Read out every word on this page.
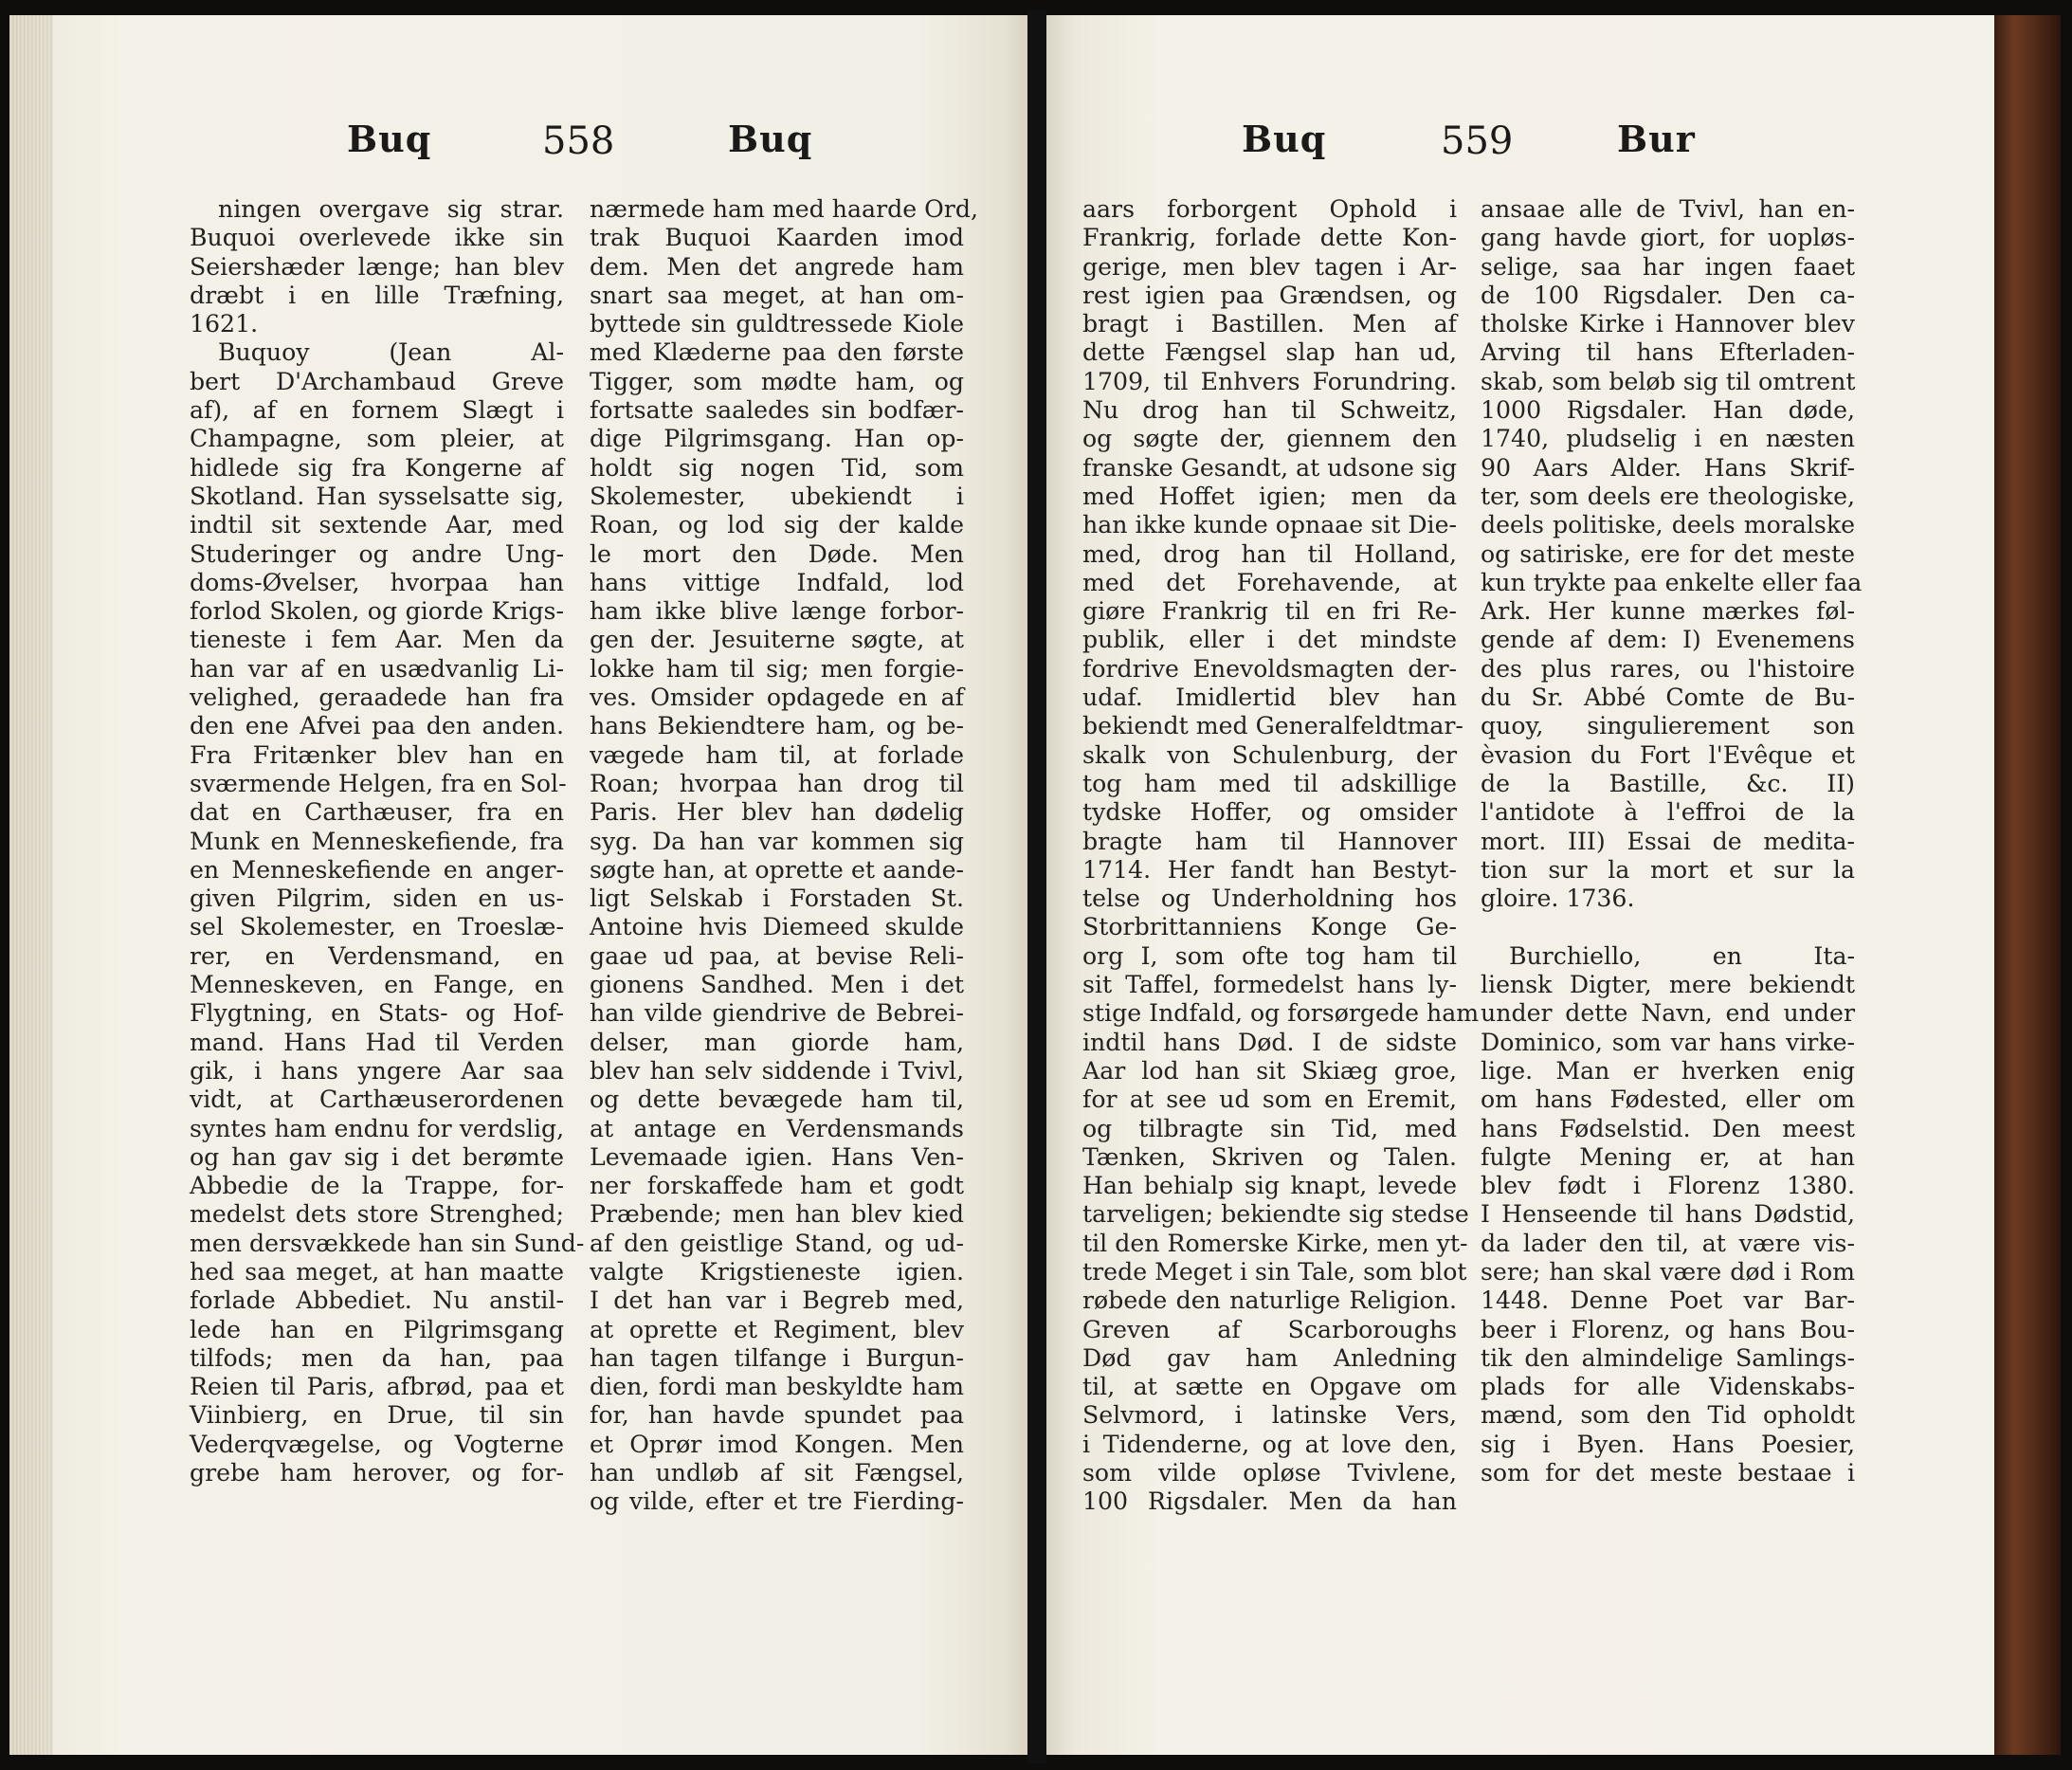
Buq	558	Buq	Buq	559	Bur
ningen overgave sig strar.
Buquoi overlevede ikke sin
Seiershæder længe; han blev
dræbt i en lille Træfning,
1621.
Buquoy (Jean Al-
bert D'Archambaud Greve
af), af en fornem Slægt i
Champagne, som pleier, at
hidlede sig fra Kongerne af
Skotland. Han sysselsatte sig,
indtil sit sextende Aar, med
Studeringer og andre Ung-
doms-Øvelser, hvorpaa han
forlod Skolen, og giorde Krigs-
tieneste i fem Aar. Men da
han var af en usædvanlig Li-
velighed, geraadede han fra
den ene Afvei paa den anden.
Fra Fritænker blev han en
sværmende Helgen, fra en Sol-
dat en Carthæuser, fra en
Munk en Menneskefiende, fra
en Menneskefiende en anger-
given Pilgrim, siden en us-
sel Skolemester, en Troeslæ-
rer, en Verdensmand, en
Menneskeven, en Fange, en
Flygtning, en Stats- og Hof-
mand. Hans Had til Verden
gik, i hans yngere Aar saa
vidt, at Carthæuserordenen
syntes ham endnu for verdslig,
og han gav sig i det berømte
Abbedie de la Trappe, for-
medelst dets store Strenghed;
men dersvækkede han sin Sund-
hed saa meget, at han maatte
forlade Abbediet. Nu anstil-
lede han en Pilgrimsgang
tilfods; men da han, paa
Reien til Paris, afbrød, paa et
Viinbierg, en Drue, til sin
Vederqvægelse, og Vogterne
grebe ham herover, og for-
nærmede ham med haarde Ord,
trak Buquoi Kaarden imod
dem. Men det angrede ham
snart saa meget, at han om-
byttede sin guldtressede Kiole
med Klæderne paa den første
Tigger, som mødte ham, og
fortsatte saaledes sin bodfær-
dige Pilgrimsgang. Han op-
holdt sig nogen Tid, som
Skolemester, ubekiendt i
Roan, og lod sig der kalde
le mort den Døde. Men
hans vittige Indfald, lod
ham ikke blive længe forbor-
gen der. Jesuiterne søgte, at
lokke ham til sig; men forgie-
ves. Omsider opdagede en af
hans Bekiendtere ham, og be-
vægede ham til, at forlade
Roan; hvorpaa han drog til
Paris. Her blev han dødelig
syg. Da han var kommen sig
søgte han, at oprette et aande-
ligt Selskab i Forstaden St.
Antoine hvis Diemeed skulde
gaae ud paa, at bevise Reli-
gionens Sandhed. Men i det
han vilde giendrive de Bebrei-
delser, man giorde ham,
blev han selv siddende i Tvivl,
og dette bevægede ham til,
at antage en Verdensmands
Levemaade igien. Hans Ven-
ner forskaffede ham et godt
Præbende; men han blev kied
af den geistlige Stand, og ud-
valgte Krigstieneste igien.
I det han var i Begreb med,
at oprette et Regiment, blev
han tagen tilfange i Burgun-
dien, fordi man beskyldte ham
for, han havde spundet paa
et Oprør imod Kongen. Men
han undløb af sit Fængsel,
og vilde, efter et tre Fierding-
aars forborgent Ophold i
Frankrig, forlade dette Kon-
gerige, men blev tagen i Ar-
rest igien paa Grændsen, og
bragt i Bastillen. Men af
dette Fængsel slap han ud,
1709, til Enhvers Forundring.
Nu drog han til Schweitz,
og søgte der, giennem den
franske Gesandt, at udsone sig
med Hoffet igien; men da
han ikke kunde opnaae sit Die-
med, drog han til Holland,
med det Forehavende, at
giøre Frankrig til en fri Re-
publik, eller i det mindste
fordrive Enevoldsmagten der-
udaf. Imidlertid blev han
bekiendt med Generalfeldtmar-
skalk von Schulenburg, der
tog ham med til adskillige
tydske Hoffer, og omsider
bragte ham til Hannover
1714. Her fandt han Bestyt-
telse og Underholdning hos
Storbrittanniens Konge Ge-
org I, som ofte tog ham til
sit Taffel, formedelst hans ly-
stige Indfald, og forsørgede ham
indtil hans Død. I de sidste
Aar lod han sit Skiæg groe,
for at see ud som en Eremit,
og tilbragte sin Tid, med
Tænken, Skriven og Talen.
Han behialp sig knapt, levede
tarveligen; bekiendte sig stedse
til den Romerske Kirke, men yt-
trede Meget i sin Tale, som blot
røbede den naturlige Religion.
Greven af Scarboroughs
Død gav ham Anledning
til, at sætte en Opgave om
Selvmord, i latinske Vers,
i Tidenderne, og at love den,
som vilde opløse Tvivlene,
100 Rigsdaler. Men da han
ansaae alle de Tvivl, han en-
gang havde giort, for uopløs-
selige, saa har ingen faaet
de 100 Rigsdaler. Den ca-
tholske Kirke i Hannover blev
Arving til hans Efterladen-
skab, som beløb sig til omtrent
1000 Rigsdaler. Han døde,
1740, pludselig i en næsten
90 Aars Alder. Hans Skrif-
ter, som deels ere theologiske,
deels politiske, deels moralske
og satiriske, ere for det meste
kun trykte paa enkelte eller faa
Ark. Her kunne mærkes føl-
gende af dem: I) Evenemens
des plus rares, ou l'histoire
du Sr. Abbé Comte de Bu-
quoy, singulierement son
èvasion du Fort l'Evêque et
de la Bastille, &c. II)
l'antidote à l'effroi de la
mort. III) Essai de medita-
tion sur la mort et sur la
gloire. 1736.

Burchiello, en Ita-
liensk Digter, mere bekiendt
under dette Navn, end under
Dominico, som var hans virke-
lige. Man er hverken enig
om hans Fødested, eller om
hans Fødselstid. Den meest
fulgte Mening er, at han
blev født i Florenz 1380.
I Henseende til hans Dødstid,
da lader den til, at være vis-
sere; han skal være død i Rom
1448. Denne Poet var Bar-
beer i Florenz, og hans Bou-
tik den almindelige Samlings-
plads for alle Videnskabs-
mænd, som den Tid opholdt
sig i Byen. Hans Poesier,
som for det meste bestaae i
